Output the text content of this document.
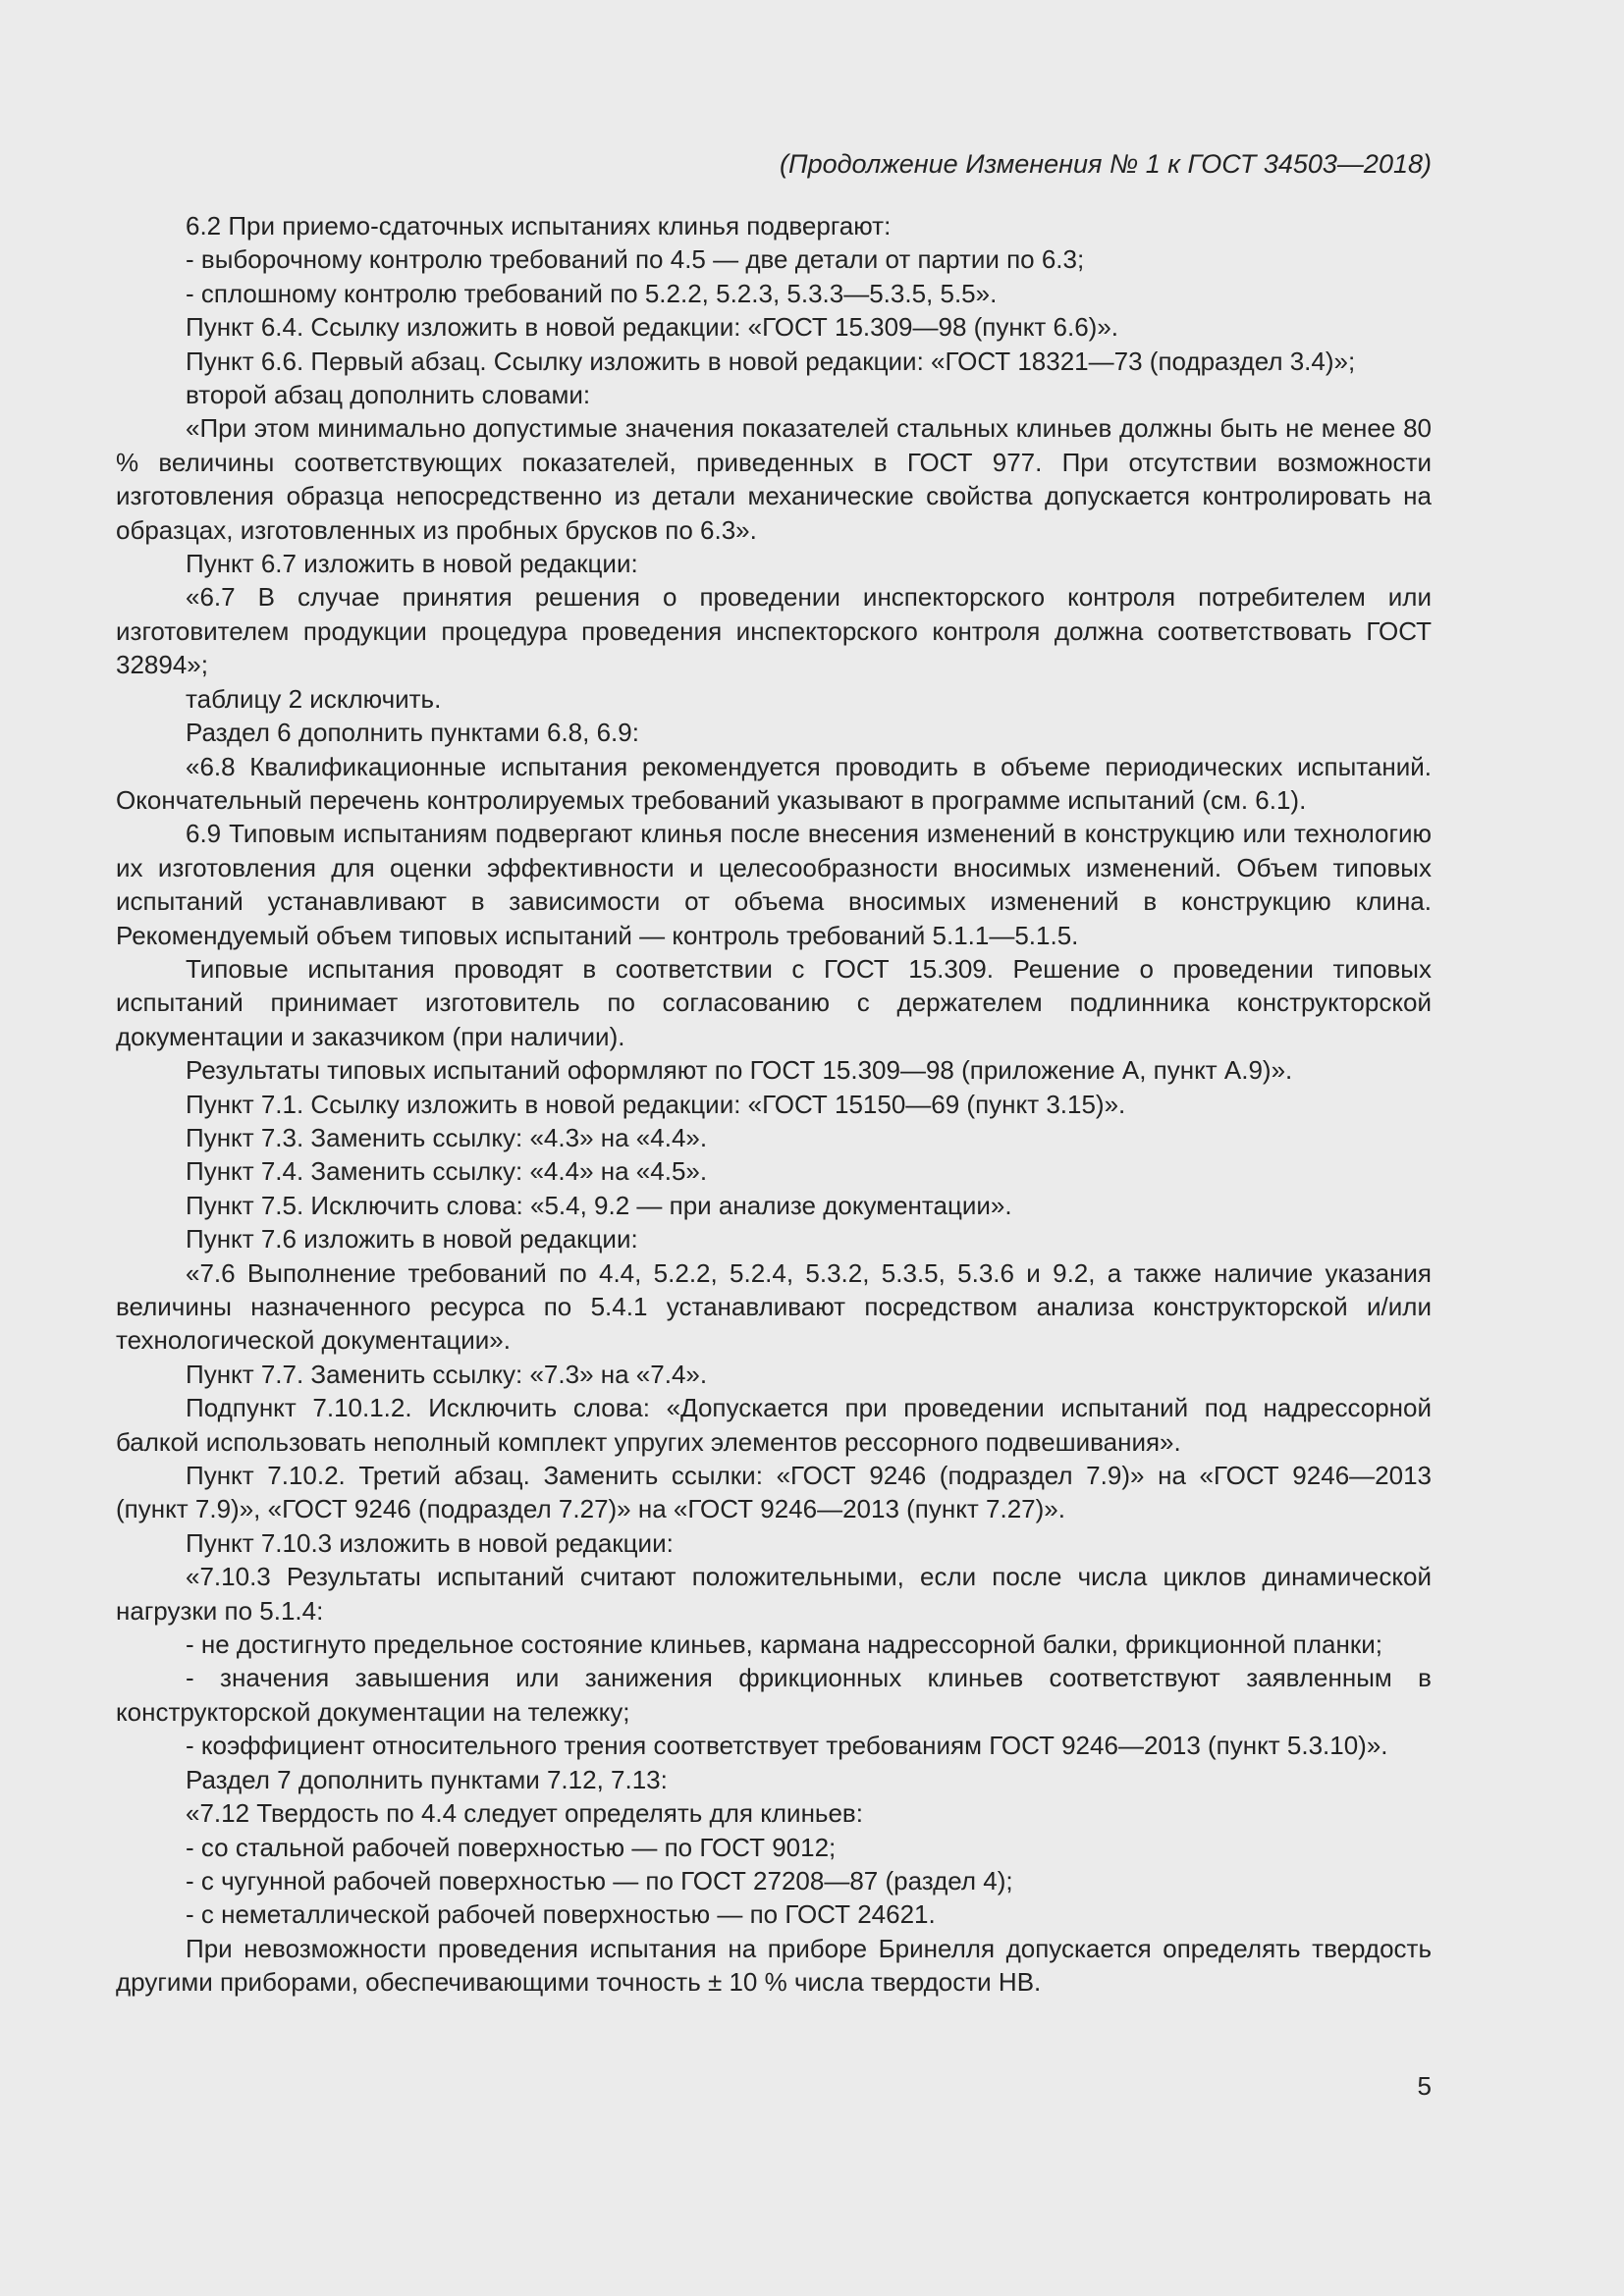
(Продолжение Изменения № 1 к ГОСТ 34503—2018)

6.2 При приемо-сдаточных испытаниях клинья подвергают:

- выборочному контролю требований по 4.5 — две детали от партии по 6.3;

- сплошному контролю требований по 5.2.2, 5.2.3, 5.3.3—5.3.5, 5.5».

Пункт 6.4. Ссылку изложить в новой редакции: «ГОСТ 15.309—98 (пункт 6.6)».

Пункт 6.6. Первый абзац. Ссылку изложить в новой редакции: «ГОСТ 18321—73 (подраздел 3.4)»;

второй абзац дополнить словами:

«При этом минимально допустимые значения показателей стальных клиньев должны быть не менее 80 % величины соответствующих показателей, приведенных в ГОСТ 977. При отсутствии возможности изготовления образца непосредственно из детали механические свойства допускается контролировать на образцах, изготовленных из пробных брусков по 6.3».

Пункт 6.7 изложить в новой редакции:

«6.7 В случае принятия решения о проведении инспекторского контроля потребителем или изготовителем продукции процедура проведения инспекторского контроля должна соответствовать ГОСТ 32894»;

таблицу 2 исключить.

Раздел 6 дополнить пунктами 6.8, 6.9:

«6.8 Квалификационные испытания рекомендуется проводить в объеме периодических испытаний. Окончательный перечень контролируемых требований указывают в программе испытаний (см. 6.1).

6.9 Типовым испытаниям подвергают клинья после внесения изменений в конструкцию или технологию их изготовления для оценки эффективности и целесообразности вносимых изменений. Объем типовых испытаний устанавливают в зависимости от объема вносимых изменений в конструкцию клина. Рекомендуемый объем типовых испытаний — контроль требований 5.1.1—5.1.5.

Типовые испытания проводят в соответствии с ГОСТ 15.309. Решение о проведении типовых испытаний принимает изготовитель по согласованию с держателем подлинника конструкторской документации и заказчиком (при наличии).

Результаты типовых испытаний оформляют по ГОСТ 15.309—98 (приложение А, пункт А.9)».

Пункт 7.1. Ссылку изложить в новой редакции: «ГОСТ 15150—69 (пункт 3.15)».

Пункт 7.3. Заменить ссылку: «4.3» на «4.4».

Пункт 7.4. Заменить ссылку: «4.4» на «4.5».

Пункт 7.5. Исключить слова: «5.4, 9.2 — при анализе документации».

Пункт 7.6 изложить в новой редакции:

«7.6 Выполнение требований по 4.4, 5.2.2, 5.2.4, 5.3.2, 5.3.5, 5.3.6 и 9.2, а также наличие указания величины назначенного ресурса по 5.4.1 устанавливают посредством анализа конструкторской и/или технологической документации».

Пункт 7.7. Заменить ссылку: «7.3» на «7.4».

Подпункт 7.10.1.2. Исключить слова: «Допускается при проведении испытаний под надрессорной балкой использовать неполный комплект упругих элементов рессорного подвешивания».

Пункт 7.10.2. Третий абзац. Заменить ссылки: «ГОСТ 9246 (подраздел 7.9)» на «ГОСТ 9246—2013 (пункт 7.9)», «ГОСТ 9246 (подраздел 7.27)» на «ГОСТ 9246—2013 (пункт 7.27)».

Пункт 7.10.3 изложить в новой редакции:

«7.10.3 Результаты испытаний считают положительными, если после числа циклов динамической нагрузки по 5.1.4:

- не достигнуто предельное состояние клиньев, кармана надрессорной балки, фрикционной планки;

- значения завышения или занижения фрикционных клиньев соответствуют заявленным в конструкторской документации на тележку;

- коэффициент относительного трения соответствует требованиям ГОСТ 9246—2013 (пункт 5.3.10)».

Раздел 7 дополнить пунктами 7.12, 7.13:

«7.12 Твердость по 4.4 следует определять для клиньев:

- со стальной рабочей поверхностью — по ГОСТ 9012;

- с чугунной рабочей поверхностью — по ГОСТ 27208—87 (раздел 4);

- с неметаллической рабочей поверхностью — по ГОСТ 24621.

При невозможности проведения испытания на приборе Бринелля допускается определять твердость другими приборами, обеспечивающими точность ± 10 % числа твердости НВ.

5
